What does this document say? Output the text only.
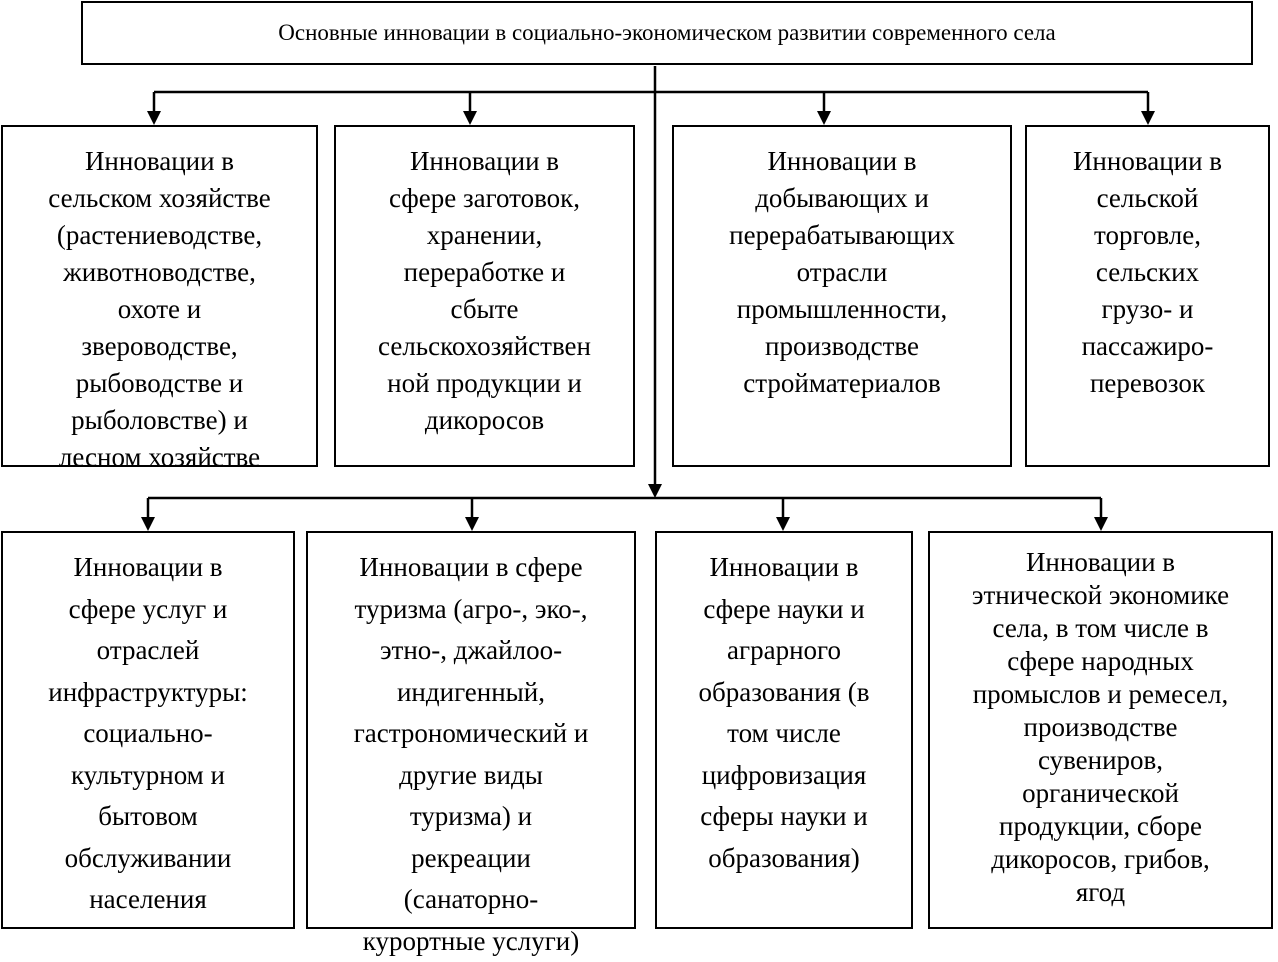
Основные инновации в социально-экономическом развитии современного села
Инновации в
сельском хозяйстве
(растениеводстве,
животноводстве,
охоте и
звероводстве,
рыбоводстве и
рыболовстве) и
лесном хозяйстве
Инновации в
сфере заготовок,
хранении,
переработке и
сбыте
сельскохозяйствен
ной продукции и
дикоросов
Инновации в
добывающих и
перерабатывающих
отрасли
промышленности,
производстве
стройматериалов
Инновации в
сельской
торговле,
сельских
грузо- и
пассажиро-
перевозок
Инновации в
сфере услуг и
отраслей
инфраструктуры:
социально-
культурном и
бытовом
обслуживании
населения
Инновации в сфере
туризма (агро-, эко-,
этно-, джайлоо-
индигенный,
гастрономический и
другие виды
туризма) и
рекреации
(санаторно-
курортные услуги)
Инновации в
сфере науки и
аграрного
образования (в
том числе
цифровизация
сферы науки и
образования)
Инновации в
этнической экономике
села, в том числе в
сфере народных
промыслов и ремесел,
производстве
сувениров,
органической
продукции, сборе
дикоросов, грибов,
ягод
